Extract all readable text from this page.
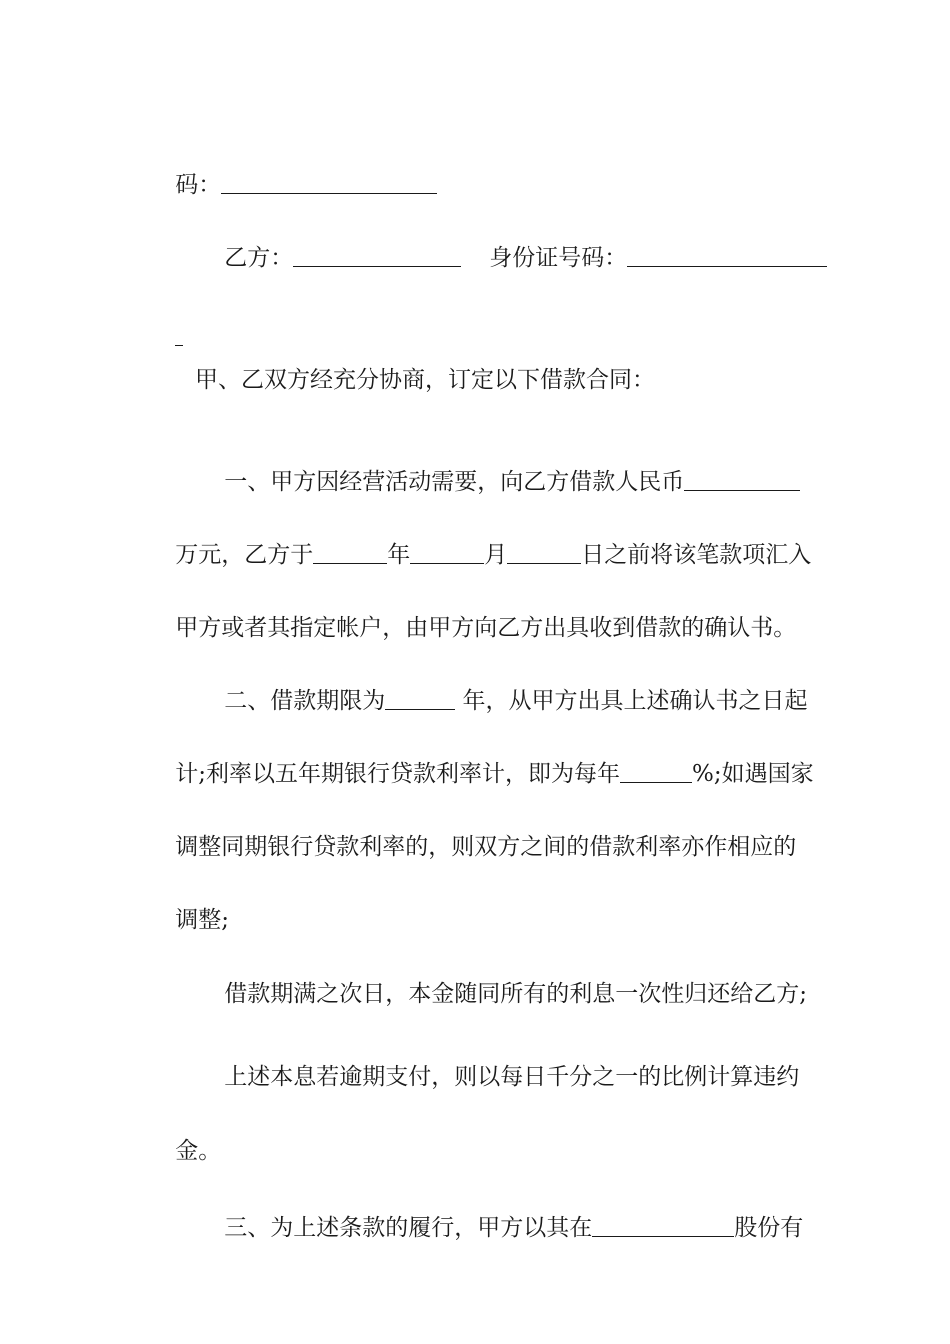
码：

乙方：	身份证号码：

甲、乙双方经充分协商，订定以下借款合同：

一、甲方因经营活动需要，向乙方借款人民币

万元，乙方于	年	月	日之前将该笔款项汇入

甲方或者其指定帐户，由甲方向乙方出具收到借款的确认书。

二、借款期限为	年，从甲方出具上述确认书之日起

计;利率以五年期银行贷款利率计，即为每年	%;如遇国家

调整同期银行贷款利率的，则双方之间的借款利率亦作相应的

调整;

借款期满之次日，本金随同所有的利息一次性归还给乙方;

上述本息若逾期支付，则以每日千分之一的比例计算违约

金。

三、为上述条款的履行，甲方以其在	股份有
